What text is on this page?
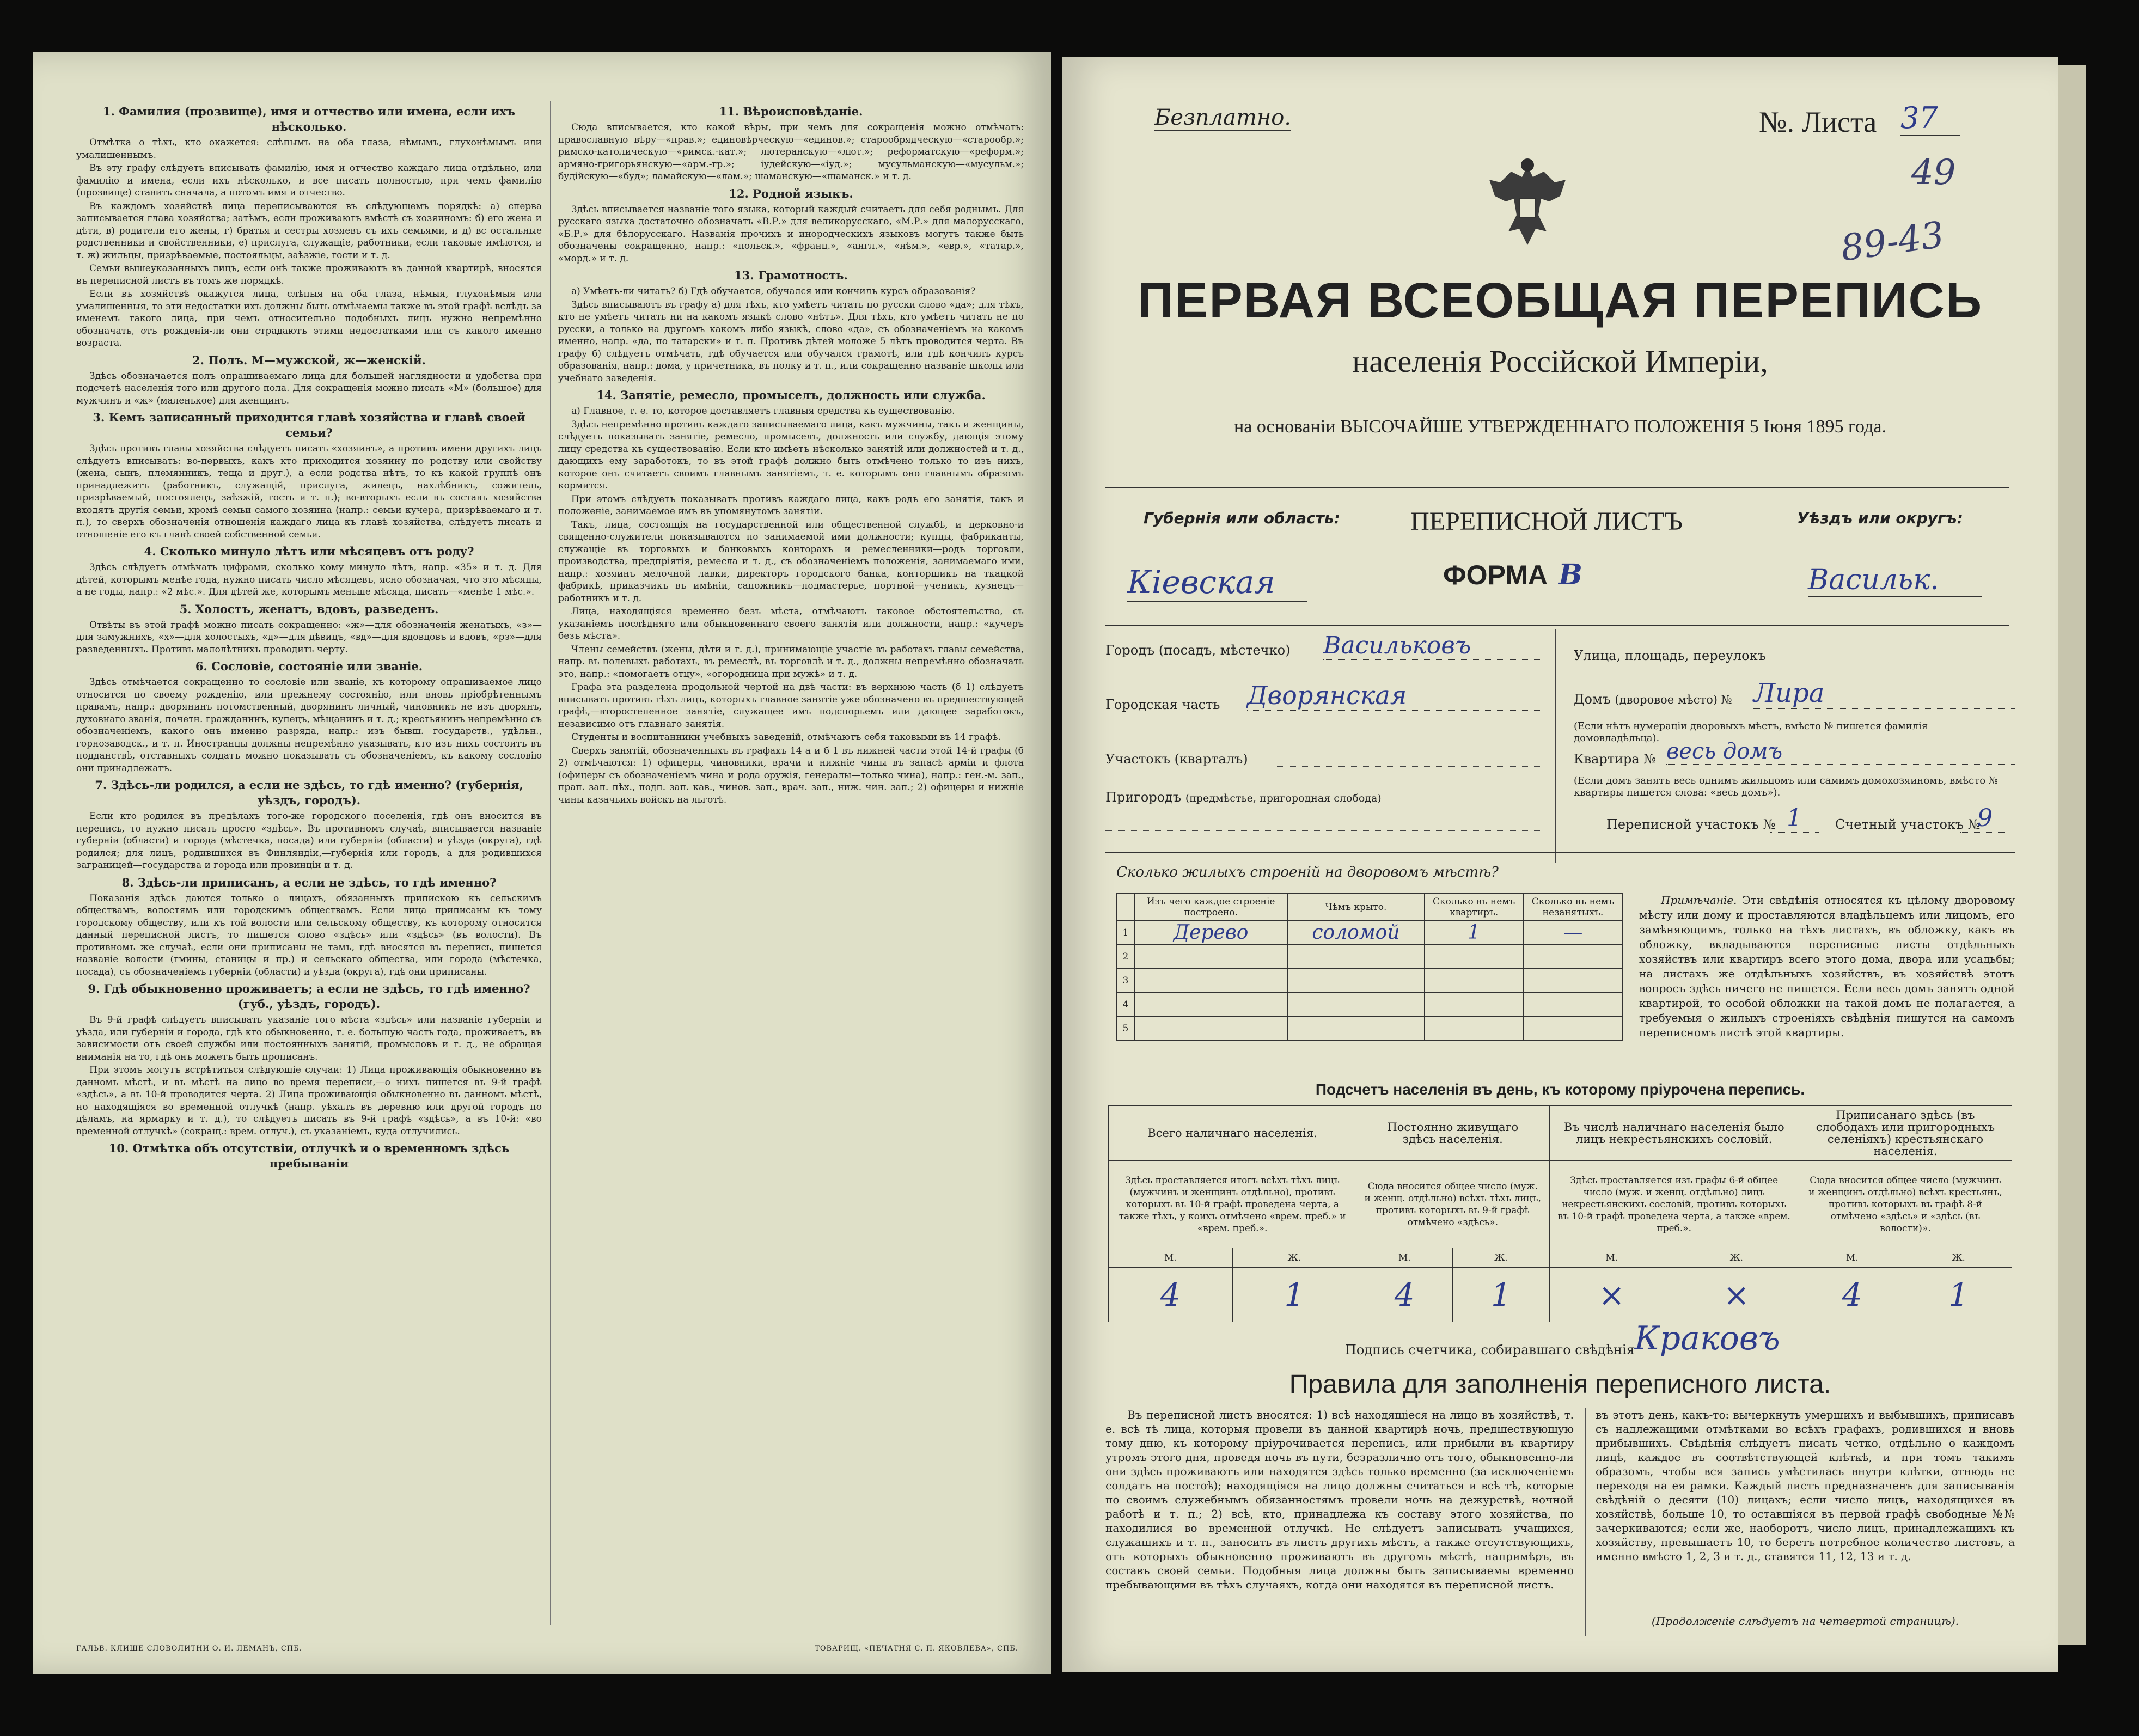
1. Фамилия (прозвище), имя и отчество или имена, если ихъ нѣсколько.
Отмѣтка о тѣхъ, кто окажется: слѣпымъ на оба глаза, нѣмымъ, глухонѣмымъ или умалишеннымъ.
Въ эту графу слѣдуетъ вписывать фамилію, имя и отчество каждаго лица отдѣльно, или фамилію и имена, если ихъ нѣсколько, и все писать полностью, при чемъ фамилію (прозвище) ставить сначала, а потомъ имя и отчество.
Въ каждомъ хозяйствѣ лица переписываются въ слѣдующемъ порядкѣ: а) сперва записывается глава хозяйства; затѣмъ, если проживаютъ вмѣстѣ съ хозяиномъ: б) его жена и дѣти, в) родители его жены, г) братья и сестры хозяевъ съ ихъ семьями, и д) вс остальные родственники и свойственники, е) прислуга, служащіе, работники, если таковые имѣются, и т. ж) жильцы, призрѣваемые, постояльцы, заѣзжіе, гости и т. д.
Семьи вышеуказанныхъ лицъ, если онѣ также проживаютъ въ данной квартирѣ, вносятся въ переписной листъ въ томъ же порядкѣ.
Если въ хозяйствѣ окажутся лица, слѣпыя на оба глаза, нѣмыя, глухонѣмыя или умалишенныя, то эти недостатки ихъ должны быть отмѣчаемы также въ этой графѣ вслѣдъ за именемъ такого лица, при чемъ относительно подобныхъ лицъ нужно непремѣнно обозначать, отъ рожденія-ли они страдаютъ этими недостатками или съ какого именно возраста.
2. Полъ. М—мужской, ж—женскій.
Здѣсь обозначается полъ опрашиваемаго лица для большей наглядности и удобства при подсчетѣ населенія того или другого пола. Для сокращенія можно писать «М» (большое) для мужчинъ и «ж» (маленькое) для женщинъ.
3. Кемъ записанный приходится главѣ хозяйства и главѣ своей семьи?
Здѣсь противъ главы хозяйства слѣдуетъ писать «хозяинъ», а противъ имени другихъ лицъ слѣдуетъ вписывать: во-первыхъ, какъ кто приходится хозяину по родству или свойству (жена, сынъ, племянникъ, теща и друг.), а если родства нѣтъ, то къ какой группѣ онъ принадлежитъ (работникъ, служащій, прислуга, жилецъ, нахлѣбникъ, сожитель, призрѣваемый, постоялецъ, заѣзжій, гость и т. п.); во-вторыхъ если въ составъ хозяйства входятъ другія семьи, кромѣ семьи самого хозяина (напр.: семьи кучера, призрѣваемаго и т. п.), то сверхъ обозначенія отношенія каждаго лица къ главѣ хозяйства, слѣдуетъ писать и отношеніе его къ главѣ своей собственной семьи.
4. Сколько минуло лѣтъ или мѣсяцевъ отъ роду?
Здѣсь слѣдуетъ отмѣчать цифрами, сколько кому минуло лѣтъ, напр. «35» и т. д. Для дѣтей, которымъ менѣе года, нужно писать число мѣсяцевъ, ясно обозначая, что это мѣсяцы, а не годы, напр.: «2 мѣс.». Для дѣтей же, которымъ меньше мѣсяца, писать—«менѣе 1 мѣс.».
5. Холостъ, женатъ, вдовъ, разведенъ.
Отвѣты въ этой графѣ можно писать сокращенно: «ж»—для обозначенія женатыхъ, «з»—для замужнихъ, «х»—для холостыхъ, «д»—для дѣвицъ, «вд»—для вдовцовъ и вдовъ, «рз»—для разведенныхъ. Противъ малолѣтнихъ проводить черту.
6. Сословіе, состояніе или званіе.
Здѣсь отмѣчается сокращенно то сословіе или званіе, къ которому опрашиваемое лицо относится по своему рожденію, или прежнему состоянію, или вновь пріобрѣтеннымъ правамъ, напр.: дворянинъ потомственный, дворянинъ личный, чиновникъ не изъ дворянъ, духовнаго званія, почетн. гражданинъ, купецъ, мѣщанинъ и т. д.; крестьянинъ непремѣнно съ обозначеніемъ, какого онъ именно разряда, напр.: изъ бывш. государств., удѣльн., горнозаводск., и т. п. Иностранцы должны непремѣнно указывать, кто изъ нихъ состоитъ въ подданствѣ, отставныхъ солдатъ можно показывать съ обозначеніемъ, къ какому сословію они принадлежатъ.
7. Здѣсь-ли родился, а если не здѣсь, то гдѣ именно? (губернія, уѣздъ, городъ).
Если кто родился въ предѣлахъ того-же городского поселенія, гдѣ онъ вносится въ перепись, то нужно писать просто «здѣсь». Въ противномъ случаѣ, вписывается названіе губерніи (области) и города (мѣстечка, посада) или губерніи (области) и уѣзда (округа), гдѣ родился; для лицъ, родившихся въ Финляндіи,—губернія или городъ, а для родившихся заграницей—государства и города или провинціи и т. д.
8. Здѣсь-ли приписанъ, а если не здѣсь, то гдѣ именно?
Показанія здѣсь даются только о лицахъ, обязанныхъ припискою къ сельскимъ обществамъ, волостямъ или городскимъ обществамъ. Если лица приписаны къ тому городскому обществу, или къ той волости или сельскому обществу, къ которому относится данный переписной листъ, то пишется слово «здѣсь» или «здѣсь» (въ волости). Въ противномъ же случаѣ, если они приписаны не тамъ, гдѣ вносятся въ перепись, пишется названіе волости (гмины, станицы и пр.) и сельскаго общества, или города (мѣстечка, посада), съ обозначеніемъ губерніи (области) и уѣзда (округа), гдѣ они приписаны.
9. Гдѣ обыкновенно проживаетъ; а если не здѣсь, то гдѣ именно? (губ., уѣздъ, городъ).
Въ 9-й графѣ слѣдуетъ вписывать указаніе того мѣста «здѣсь» или названіе губерніи и уѣзда, или губерніи и города, гдѣ кто обыкновенно, т. е. большую часть года, проживаетъ, въ зависимости отъ своей службы или постоянныхъ занятій, промысловъ и т. д., не обращая вниманія на то, гдѣ онъ можетъ быть прописанъ.
При этомъ могутъ встрѣтиться слѣдующіе случаи: 1) Лица проживающія обыкновенно въ данномъ мѣстѣ, и въ мѣстѣ на лицо во время переписи,—о нихъ пишется въ 9-й графѣ «здѣсь», а въ 10-й проводится черта. 2) Лица проживающія обыкновенно въ данномъ мѣстѣ, но находящіяся во временной отлучкѣ (напр. уѣхалъ въ деревню или другой городъ по дѣламъ, на ярмарку и т. д.), то слѣдуетъ писать въ 9-й графѣ «здѣсь», а въ 10-й: «во временной отлучкѣ» (сокращ.: врем. отлуч.), съ указаніемъ, куда отлучились.
10. Отмѣтка объ отсутствіи, отлучкѣ и о временномъ здѣсь пребываніи
11. Вѣроисповѣданіе.
Сюда вписывается, кто какой вѣры, при чемъ для сокращенія можно отмѣчать: православную вѣру—«прав.»; единовѣрческую—«единов.»; старообрядческую—«старообр.»; римско-католическую—«римск.-кат.»; лютеранскую—«лют.»; реформатскую—«реформ.»; армяно-григорьянскую—«арм.-гр.»; іудейскую—«іуд.»; мусульманскую—«мусульм.»; будійскую—«буд»; ламайскую—«лам.»; шаманскую—«шаманск.» и т. д.
12. Родной языкъ.
Здѣсь вписывается названіе того языка, который каждый считаетъ для себя роднымъ. Для русскаго языка достаточно обозначать «В.Р.» для великорусскаго, «М.Р.» для малорусскаго, «Б.Р.» для бѣлорусскаго. Названія прочихъ и инородческихъ языковъ могутъ также быть обозначены сокращенно, напр.: «польск.», «франц.», «англ.», «нѣм.», «евр.», «татар.», «морд.» и т. д.
13. Грамотность.
а) Умѣетъ-ли читать? б) Гдѣ обучается, обучался или кончилъ курсъ образованія?
Здѣсь вписываютъ въ графу а) для тѣхъ, кто умѣетъ читать по русски слово «да»; для тѣхъ, кто не умѣетъ читать ни на какомъ языкѣ слово «нѣтъ». Для тѣхъ, кто умѣетъ читать не по русски, а только на другомъ какомъ либо языкѣ, слово «да», съ обозначеніемъ на какомъ именно, напр. «да, по татарски» и т. п. Противъ дѣтей моложе 5 лѣтъ проводится черта. Въ графу б) слѣдуетъ отмѣчать, гдѣ обучается или обучался грамотѣ, или гдѣ кончилъ курсъ образованія, напр.: дома, у причетника, въ полку и т. п., или сокращенно названіе школы или учебнаго заведенія.
14. Занятіе, ремесло, промыселъ, должность или служба.
а) Главное, т. е. то, которое доставляетъ главныя средства къ существованію.
Здѣсь непремѣнно противъ каждаго записываемаго лица, какъ мужчины, такъ и женщины, слѣдуетъ показывать занятіе, ремесло, промыселъ, должность или службу, дающія этому лицу средства къ существованію. Если кто имѣетъ нѣсколько занятій или должностей и т. д., дающихъ ему заработокъ, то въ этой графѣ должно быть отмѣчено только то изъ нихъ, которое онъ считаетъ своимъ главнымъ занятіемъ, т. е. которымъ оно главнымъ образомъ кормится.
При этомъ слѣдуетъ показывать противъ каждаго лица, какъ родъ его занятія, такъ и положеніе, занимаемое имъ въ упомянутомъ занятіи.
Такъ, лица, состоящія на государственной или общественной службѣ, и церковно-и священно-служители показываются по занимаемой ими должности; купцы, фабриканты, служащіе въ торговыхъ и банковыхъ конторахъ и ремесленники—родъ торговли, производства, предпріятія, ремесла и т. д., съ обозначеніемъ положенія, занимаемаго ими, напр.: хозяинъ мелочной лавки, директоръ городского банка, конторщикъ на ткацкой фабрикѣ, приказчикъ въ имѣніи, сапожникъ—подмастерье, портной—ученикъ, кузнецъ—работникъ и т. д.
Лица, находящіяся временно безъ мѣста, отмѣчаютъ таковое обстоятельство, съ указаніемъ послѣдняго или обыкновеннаго своего занятія или должности, напр.: «кучеръ безъ мѣста».
Члены семействъ (жены, дѣти и т. д.), принимающіе участіе въ работахъ главы семейства, напр. въ полевыхъ работахъ, въ ремеслѣ, въ торговлѣ и т. д., должны непремѣнно обозначать это, напр.: «помогаетъ отцу», «огородница при мужѣ» и т. д.
Графа эта разделена продольной чертой на двѣ части: въ верхнюю часть (б 1) слѣдуетъ вписывать противъ тѣхъ лицъ, которыхъ главное занятіе уже обозначено въ предшествующей графѣ,—второстепенное занятіе, служащее имъ подспорьемъ или дающее заработокъ, независимо отъ главнаго занятія.
Студенты и воспитанники учебныхъ заведеній, отмѣчаютъ себя таковыми въ 14 графѣ.
Сверхъ занятій, обозначенныхъ въ графахъ 14 а и б 1 въ нижней части этой 14-й графы (б 2) отмѣчаются: 1) офицеры, чиновники, врачи и нижніе чины въ запасѣ арміи и флота (офицеры съ обозначеніемъ чина и рода оружія, генералы—только чина), напр.: ген.-м. зап., прап. зап. пѣх., подп. зап. кав., чинов. зап., врач. зап., ниж. чин. зап.; 2) офицеры и нижніе чины казачьихъ войскъ на льготѣ.
ГАЛЬВ. КЛИШЕ СЛОВОЛИТНИ О. И. ЛЕМАНЪ, СПБ.	ТОВАРИЩ. «ПЕЧАТНЯ С. П. ЯКОВЛЕВА», СПБ.
Безплатно.	№. Листа 37
49
89-43
ПЕРВАЯ ВСЕОБЩАЯ ПЕРЕПИСЬ
населенія Россійской Имперіи,
на основаніи ВЫСОЧАЙШЕ УТВЕРЖДЕННАГО ПОЛОЖЕНІЯ 5 Іюня 1895 года.
Губернія или область:
Кіевская
ПЕРЕПИСНОЙ ЛИСТЪ
ФОРМА В
Уѣздъ или округъ:
Васильк.
Городъ (посадъ, мѣстечко) Васильковъ
Городская часть Дворянская
Участокъ (кварталъ)
Пригородъ (предмѣстье, пригородная слобода)
Улица, площадь, переулокъ
Домъ (дворовое мѣсто) № Лира
(Если нѣтъ нумераціи дворовыхъ мѣстъ, вмѣсто № пишется фамилія домовладѣльца).
Квартира № весь домъ
(Если домъ занятъ весь однимъ жильцомъ или самимъ домохозяиномъ, вмѣсто № квартиры пишется слова: «весь домъ»).
Переписной участокъ № 1	Счетный участокъ №
9
Сколько жилыхъ строеній на дворовомъ мѣстѣ?
	Изъ чего каждое строеніе построено.	Чѣмъ крыто.	Сколько въ немъ квартиръ.	Сколько въ немъ незанятыхъ.
1	Дерево	соломой	1	—
2				
3				
4				
5				
Примѣчаніе. Эти свѣдѣнія относятся къ цѣлому дворовому мѣсту или дому и проставляются владѣльцемъ или лицомъ, его замѣняющимъ, только на тѣхъ листахъ, въ обложку, какъ въ обложку, вкладываются переписные листы отдѣльныхъ хозяйствъ или квартиръ всего этого дома, двора или усадьбы; на листахъ же отдѣльныхъ хозяйствъ, въ хозяйствѣ этотъ вопросъ здѣсь ничего не пишется. Если весь домъ занятъ одной квартирой, то особой обложки на такой домъ не полагается, а требуемыя о жилыхъ строеніяхъ свѣдѣнія пишутся на самомъ переписномъ листѣ этой квартиры.
Подсчетъ населенія въ день, къ которому пріурочена перепись.
Всего наличнаго населенія.		Постоянно живущаго здѣсь населенія.		Въ числѣ наличнаго населенія было лицъ некрестьянскихъ сословій.		Приписанаго здѣсь (въ слободахъ или пригородныхъ селеніяхъ) крестьянскаго населенія.	
Здѣсь проставляется итогъ всѣхъ тѣхъ лицъ (мужчинъ и женщинъ отдѣльно), противъ которыхъ въ 10-й графѣ проведена черта, а также тѣхъ, у коихъ отмѣчено «врем. преб.» и «врем. преб.».		Сюда вносится общее число (муж. и женщ. отдѣльно) всѣхъ тѣхъ лицъ, противъ которыхъ въ 9-й графѣ отмѣчено «здѣсь».		Здѣсь проставляется изъ графы 6-й общее число (муж. и женщ. отдѣльно) лицъ некрестьянскихъ сословій, противъ которыхъ въ 10-й графѣ проведена черта, а также «врем. преб.».		Сюда вносится общее число (мужчинъ и женщинъ отдѣльно) всѣхъ крестьянъ, противъ которыхъ въ графѣ 8-й отмѣчено «здѣсь» и «здѣсь (въ волости)».	
М.	Ж.	М.	Ж.	М.	Ж.	М.	Ж.
4	1	4	1	×	×	4	1
Подпись счетчика, собиравшаго свѣдѣнія Краковъ
Правила для заполненія переписного листа.
Въ переписной листъ вносятся: 1) всѣ находящіеся на лицо въ хозяйствѣ, т. е. всѣ тѣ лица, которыя провели въ данной квартирѣ ночь, предшествующую тому дню, къ которому пріурочивается перепись, или прибыли въ квартиру утромъ этого дня, проведя ночь въ пути, безразлично отъ того, обыкновенно-ли они здѣсь проживаютъ или находятся здѣсь только временно (за исключеніемъ солдатъ на постоѣ); находящіяся на лицо должны считаться и всѣ тѣ, которые по своимъ служебнымъ обязанностямъ провели ночь на дежурствѣ, ночной работѣ и т. п.; 2) всѣ, кто, принадлежа къ составу этого хозяйства, по находилися во временной отлучкѣ. Не слѣдуетъ записывать учащихся, служащихъ и т. п., заносить въ листъ другихъ мѣстъ, а также отсутствующихъ, отъ которыхъ обыкновенно проживаютъ въ другомъ мѣстѣ, напримѣръ, въ составъ своей семьи. Подобныя лица должны быть записываемы временно пребывающими въ тѣхъ случаяхъ, когда они находятся въ переписной листъ.
въ этотъ день, какъ-то: вычеркнуть умершихъ и выбывшихъ, приписавъ съ надлежащими отмѣтками во всѣхъ графахъ, родившихся и вновь прибывшихъ. Свѣдѣнія слѣдуетъ писать четко, отдѣльно о каждомъ лицѣ, каждое въ соотвѣтствующей клѣткѣ, и при томъ такимъ образомъ, чтобы вся запись умѣстилась внутри клѣтки, отнюдь не переходя на ея рамки. Каждый листъ предназначенъ для записыванія свѣдѣній о десяти (10) лицахъ; если число лицъ, находящихся въ хозяйствѣ, больше 10, то оставшіяся въ первой графѣ свободные №№ зачеркиваются; если же, наоборотъ, число лицъ, принадлежащихъ къ хозяйству, превышаетъ 10, то беретъ потребное количество листовъ, а именно вмѣсто 1, 2, 3 и т. д., ставятся 11, 12, 13 и т. д.
(Продолженіе слѣдуетъ на четвертой страницѣ).
